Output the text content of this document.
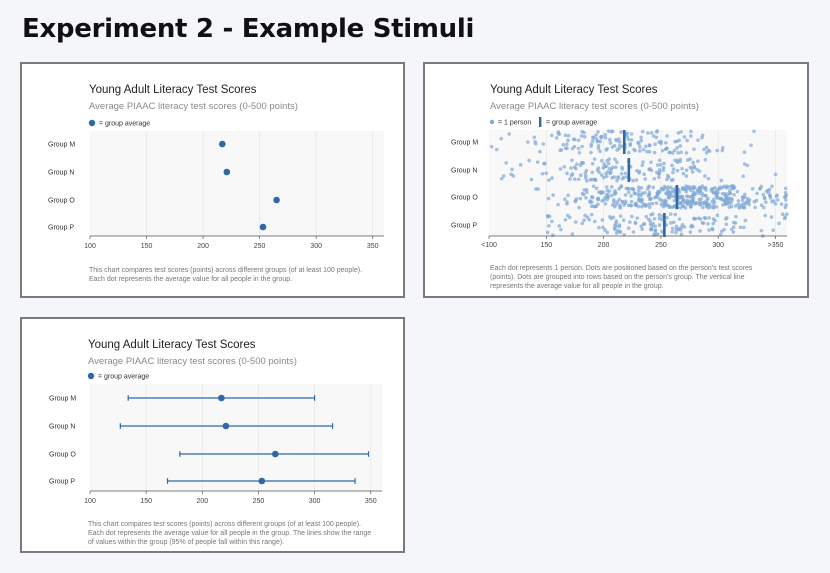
Experiment 2 - Example Stimuli
Young Adult Literacy Test Scores
Average PIAAC literacy test scores (0-500 points)
= group average
Group M
Group N
Group O
Group P
100	150	200	250	300	350
This chart compares test scores (points) across different groups (of at least 100 people).
Each dot represents the average value for all people in the group.
Young Adult Literacy Test Scores
Average PIAAC literacy test scores (0-500 points)
= 1 person = group average
Group M
Group N
Group O
Group P
<100	150	200	250	300	>350
Each dot represents 1 person. Dots are positioned based on the person's test scores
(points). Dots are grouped into rows based on the person's group. The vertical line
represents the average value for all people in the group.
Young Adult Literacy Test Scores
Average PIAAC literacy test scores (0-500 points)
= group average
Group M
Group N
Group O
Group P
100	150	200	250	300	350
This chart compares test scores (points) across different groups (of at least 100 people).
Each dot represents the average value for all people in the group. The lines show the range
of values within the group (95% of people fall within this range).
